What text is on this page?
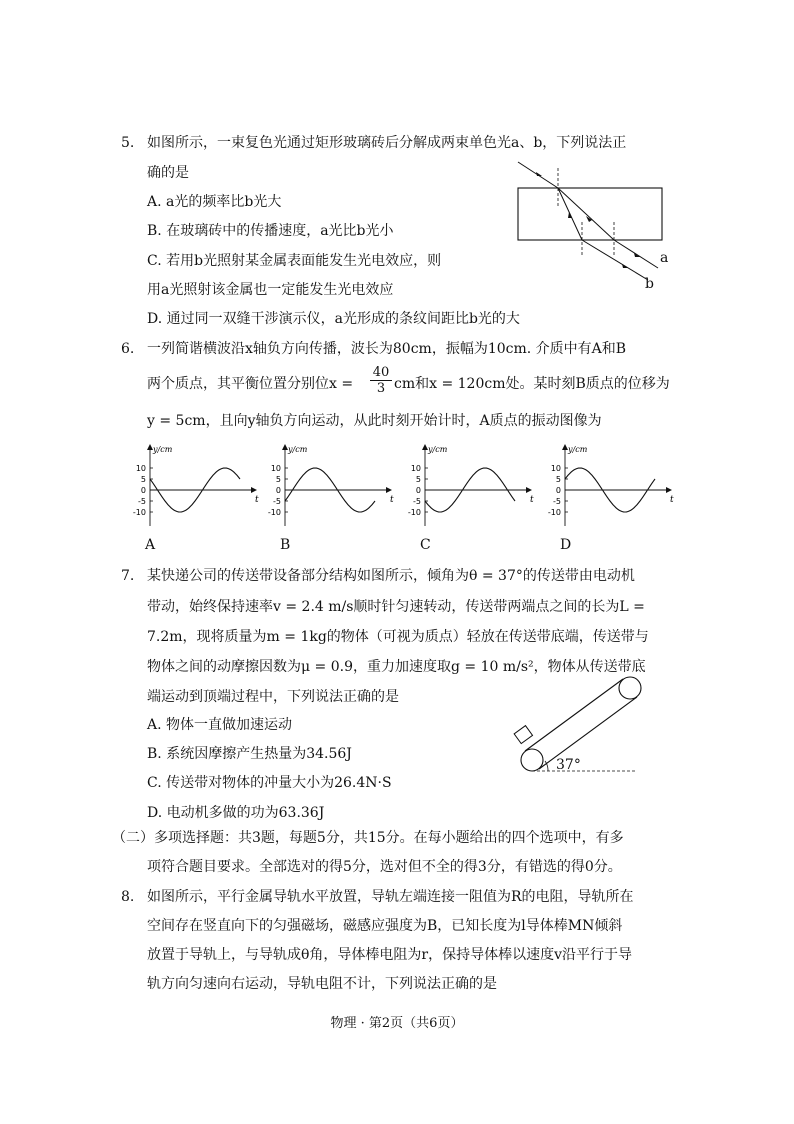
5. 如图所示，一束复色光通过矩形玻璃砖后分解成两束单色光a、b，下列说法正
确的是
A. a光的频率比b光大
B. 在玻璃砖中的传播速度，a光比b光小
C. 若用b光照射某金属表面能发生光电效应，则
用a光照射该金属也一定能发生光电效应
D. 通过同一双缝干涉演示仪，a光形成的条纹间距比b光的大
a
b
6. 一列简谐横波沿x轴负方向传播，波长为80cm，振幅为10cm. 介质中有A和B
两个质点，其平衡位置分别位x =
40
3 cm和x = 120cm处。某时刻B质点的位移为
y = 5cm，且向y轴负方向运动，从此时刻开始计时，A质点的振动图像为
10
5
0
-5
-10
y/cm
t
A
10
5
0
-5
-10
y/cm
t
B
10
5
0
-5
-10
y/cm
t
C
10
5
0
-5
-10
y/cm
t
D
7. 某快递公司的传送带设备部分结构如图所示，倾角为θ = 37°的传送带由电动机
带动，始终保持速率v = 2.4 m/s顺时针匀速转动，传送带两端点之间的长为L =
7.2m，现将质量为m = 1kg的物体（可视为质点）轻放在传送带底端，传送带与
物体之间的动摩擦因数为μ = 0.9，重力加速度取g = 10 m/s²，物体从传送带底
端运动到顶端过程中，下列说法正确的是
A. 物体一直做加速运动
B. 系统因摩擦产生热量为34.56J
C. 传送带对物体的冲量大小为26.4N·S
D. 电动机多做的功为63.36J
37°
（二）多项选择题：共3题，每题5分，共15分。在每小题给出的四个选项中，有多
项符合题目要求。全部选对的得5分，选对但不全的得3分，有错选的得0分。
8. 如图所示，平行金属导轨水平放置，导轨左端连接一阻值为R的电阻，导轨所在
空间存在竖直向下的匀强磁场，磁感应强度为B，已知长度为l导体棒MN倾斜
放置于导轨上，与导轨成θ角，导体棒电阻为r，保持导体棒以速度v沿平行于导
轨方向匀速向右运动，导轨电阻不计，下列说法正确的是
物理 · 第2页（共6页）
